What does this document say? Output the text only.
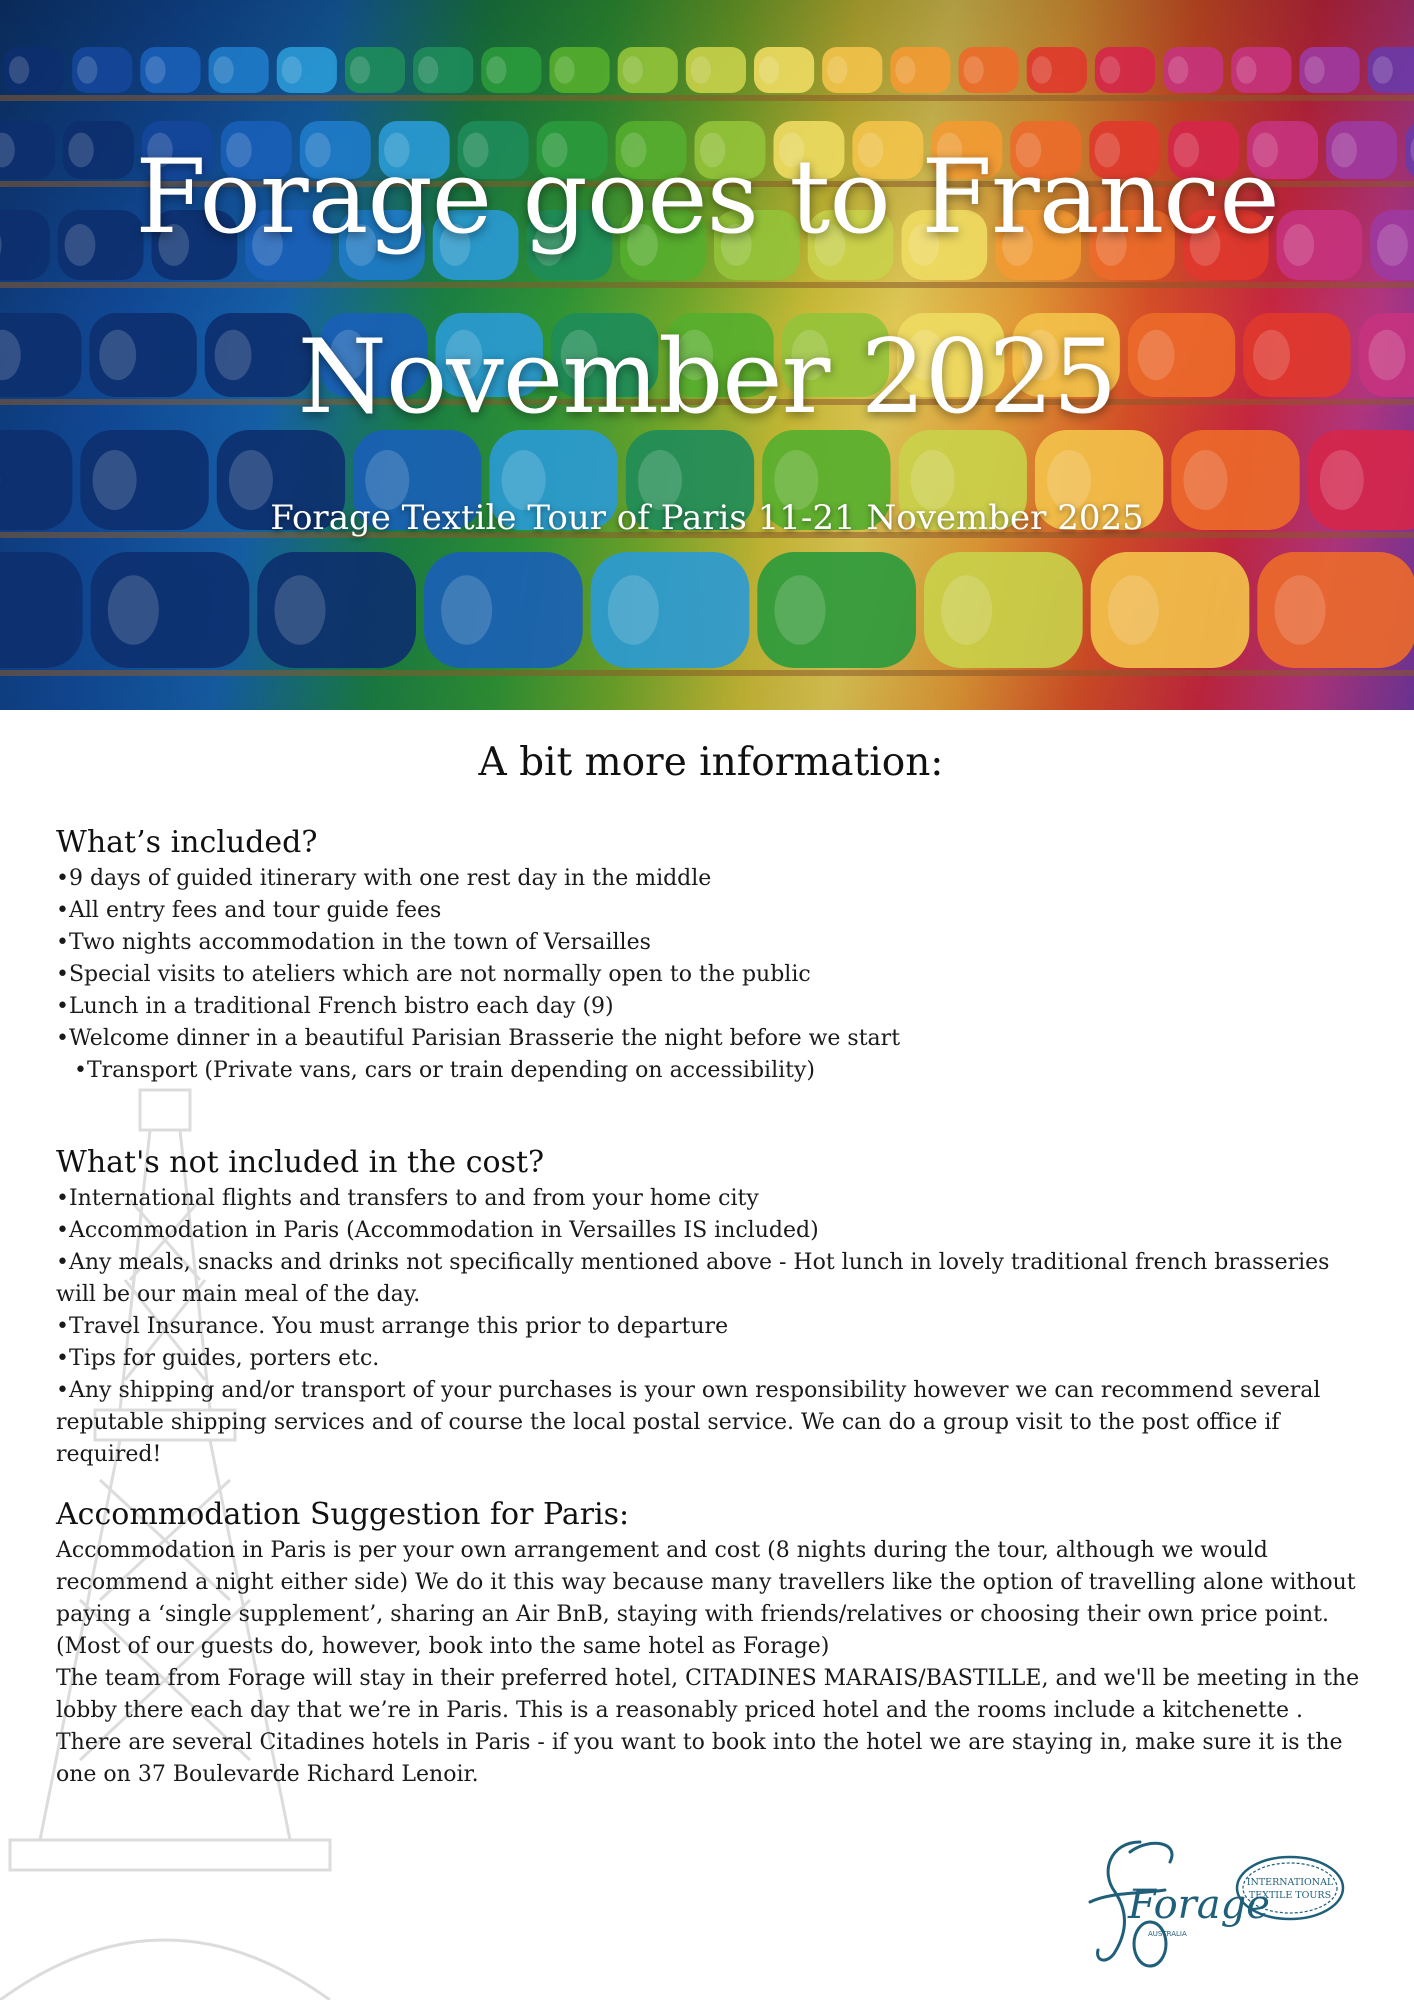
Forage goes to France
November 2025

Forage Textile Tour of Paris 11-21 November 2025

A bit more information:
What’s included?
• 9 days of guided itinerary with one rest day in the middle
• All entry fees and tour guide fees
• Two nights accommodation in the town of Versailles
• Special visits to ateliers which are not normally open to the public
• Lunch in a traditional French bistro each day (9)
• Welcome dinner in a beautiful Parisian Brasserie the night before we start
• Transport (Private vans, cars or train depending on accessibility)
What's not included in the cost?
• International flights and transfers to and from your home city
• Accommodation in Paris (Accommodation in Versailles IS included)
• Any meals, snacks and drinks not specifically mentioned above - Hot lunch in lovely traditional french brasseries will be our main meal of the day.
• Travel Insurance. You must arrange this prior to departure
• Tips for guides, porters etc.
• Any shipping and/or transport of your purchases is your own responsibility however we can recommend several reputable shipping services and of course the local postal service. We can do a group visit to the post office if required!
Accommodation Suggestion for Paris:

Accommodation in Paris is per your own arrangement and cost (8 nights during the tour, although we would recommend a night either side) We do it this way because many travellers like the option of travelling alone without paying a ‘single supplement’, sharing an Air BnB, staying with friends/relatives or choosing their own price point. (Most of our guests do, however, book into the same hotel as Forage)

The team from Forage will stay in their preferred hotel, CITADINES MARAIS/BASTILLE, and we'll be meeting in the lobby there each day that we’re in Paris. This is a reasonably priced hotel and the rooms include a kitchenette . There are several Citadines hotels in Paris - if you want to book into the hotel we are staying in, make sure it is the one on 37 Boulevarde Richard Lenoir.

Forage
AUSTRALIA
INTERNATIONAL
TEXTILE TOURS
